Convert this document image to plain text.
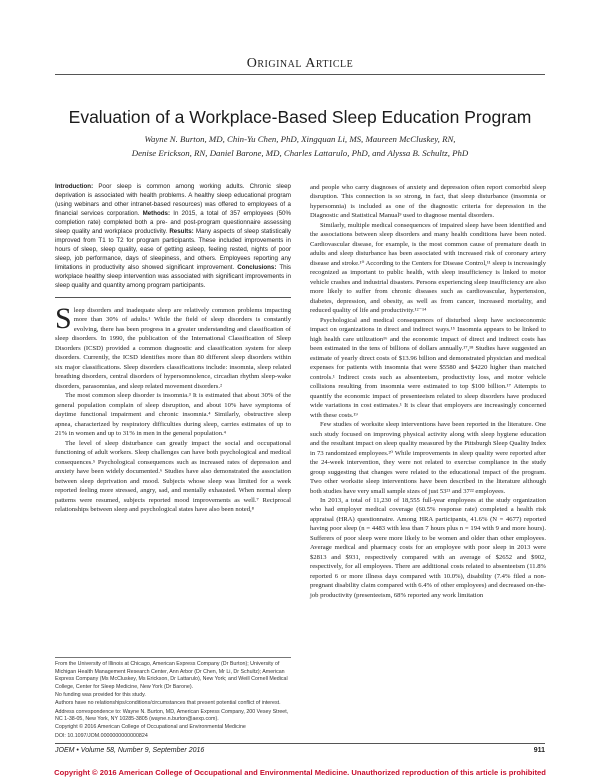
Original Article
Evaluation of a Workplace-Based Sleep Education Program
Wayne N. Burton, MD, Chin-Yu Chen, PhD, Xingquan Li, MS, Maureen McCluskey, RN,
Denise Erickson, RN, Daniel Barone, MD, Charles Lattarulo, PhD, and Alyssa B. Schultz, PhD
Introduction: Poor sleep is common among working adults. Chronic sleep deprivation is associated with health problems. A healthy sleep educational program (using webinars and other intranet-based resources) was offered to employees of a financial services corporation. Methods: In 2015, a total of 357 employees (50% completion rate) completed both a pre- and post-program questionnaire assessing sleep quality and workplace productivity. Results: Many aspects of sleep statistically improved from T1 to T2 for program participants. These included improvements in hours of sleep, sleep quality, ease of getting asleep, feeling rested, nights of poor sleep, job performance, days of sleepiness, and others. Employees reporting any limitations in productivity also showed significant improvement. Conclusions: This workplace healthy sleep intervention was associated with significant improvements in sleep quality and quantity among program participants.

Sleep disorders and inadequate sleep are relatively common problems impacting more than 30% of adults.¹ While the field of sleep disorders is constantly evolving, there has been progress in a greater understanding and classification of sleep disorders. In 1990, the publication of the International Classification of Sleep Disorders (ICSD) provided a common diagnostic and classification system for sleep disorders. Currently, the ICSD identifies more than 80 different sleep disorders within six major classifications. Sleep disorders classifications include: insomnia, sleep related breathing disorders, central disorders of hypersomnolence, circadian rhythm sleep-wake disorders, parasomnias, and sleep related movement disorders.²

The most common sleep disorder is insomnia.³ It is estimated that about 30% of the general population complain of sleep disruption, and about 10% have symptoms of daytime functional impairment and chronic insomnia.⁴ Similarly, obstructive sleep apnea, characterized by respiratory difficulties during sleep, carries estimates of up to 21% in women and up to 31% in men in the general population.⁴

The level of sleep disturbance can greatly impact the social and occupational functioning of adult workers. Sleep challenges can have both psychological and medical consequences.⁵ Psychological consequences such as increased rates of depression and anxiety have been widely documented.⁶ Studies have also demonstrated the association between sleep deprivation and mood. Subjects whose sleep was limited for a week reported feeling more stressed, angry, sad, and mentally exhausted. When normal sleep patterns were resumed, subjects reported mood improvements as well.⁷ Reciprocal relationships between sleep and psychological states have also been noted,⁸

From the University of Illinois at Chicago, American Express Company (Dr Burton); University of Michigan Health Management Research Center, Ann Arbor (Dr Chen, Mr Li, Dr Schultz); American Express Company (Ms McCluskey, Ms Erickson, Dr Lattarulo), New York; and Weill Cornell Medical College, Center for Sleep Medicine, New York (Dr Barone).
No funding was provided for this study.
Authors have no relationships/conditions/circumstances that present potential conflict of interest.
Address correspondence to: Wayne N. Burton, MD, American Express Company, 200 Vesey Street, NC 1-38-05, New York, NY 10285-3805 (wayne.n.burton@aexp.com).
Copyright © 2016 American College of Occupational and Environmental Medicine
DOI: 10.1097/JOM.0000000000000824

and people who carry diagnoses of anxiety and depression often report comorbid sleep disruption. This connection is so strong, in fact, that sleep disturbance (insomnia or hypersomnia) is included as one of the diagnostic criteria for depression in the Diagnostic and Statistical Manual⁹ used to diagnose mental disorders.

Similarly, multiple medical consequences of impaired sleep have been identified and the associations between sleep disorders and many health conditions have been noted. Cardiovascular disease, for example, is the most common cause of premature death in adults and sleep disturbance has been associated with increased risk of coronary artery disease and stroke.¹⁰ According to the Centers for Disease Control,¹¹ sleep is increasingly recognized as important to public health, with sleep insufficiency is linked to motor vehicle crashes and industrial disasters. Persons experiencing sleep insufficiency are also more likely to suffer from chronic diseases such as cardiovascular, hypertension, diabetes, depression, and obesity, as well as from cancer, increased mortality, and reduced quality of life and productivity.¹²⁻¹⁴

Psychological and medical consequences of disturbed sleep have socioeconomic impact on organizations in direct and indirect ways.¹⁵ Insomnia appears to be linked to high health care utilization¹⁶ and the economic impact of direct and indirect costs has been estimated in the tens of billions of dollars annually.¹⁷,¹⁸ Studies have suggested an estimate of yearly direct costs of $13.96 billion and demonstrated physician and medical expenses for patients with insomnia that were $5580 and $4220 higher than matched controls.¹ Indirect costs such as absenteeism, productivity loss, and motor vehicle collisions resulting from insomnia were estimated to top $100 billion.¹⁷ Attempts to quantify the economic impact of presenteeism related to sleep disorders have produced wide variations in cost estimates.¹ It is clear that employers are increasingly concerned with these costs.¹⁹

Few studies of worksite sleep interventions have been reported in the literature. One such study focused on improving physical activity along with sleep hygiene education and the resultant impact on sleep quality measured by the Pittsburgh Sleep Quality Index in 73 randomized employees.²⁰ While improvements in sleep quality were reported after the 24-week intervention, they were not related to exercise compliance in the study group suggesting that changes were related to the educational impact of the program. Two other worksite sleep interventions have been described in the literature although both studies have very small sample sizes of just 53²¹ and 37²² employees.

In 2013, a total of 11,230 of 18,555 full-year employees at the study organization who had employer medical coverage (60.5% response rate) completed a health risk appraisal (HRA) questionnaire. Among HRA participants, 41.6% (N = 4677) reported having poor sleep (n = 4483 with less than 7 hours plus n = 194 with 9 and more hours). Sufferers of poor sleep were more likely to be women and older than other employees. Average medical and pharmacy costs for an employee with poor sleep in 2013 were $2813 and $931, respectively compared with an average of $2652 and $902, respectively, for all employees. There are additional costs related to absenteeism (11.8% reported 6 or more illness days compared with 10.0%), disability (7.4% filed a non-pregnant disability claim compared with 6.4% of other employees) and decreased on-the-job productivity (presenteeism, 68% reported any work limitation

JOEM • Volume 58, Number 9, September 2016	911
Copyright © 2016 American College of Occupational and Environmental Medicine. Unauthorized reproduction of this article is prohibited
